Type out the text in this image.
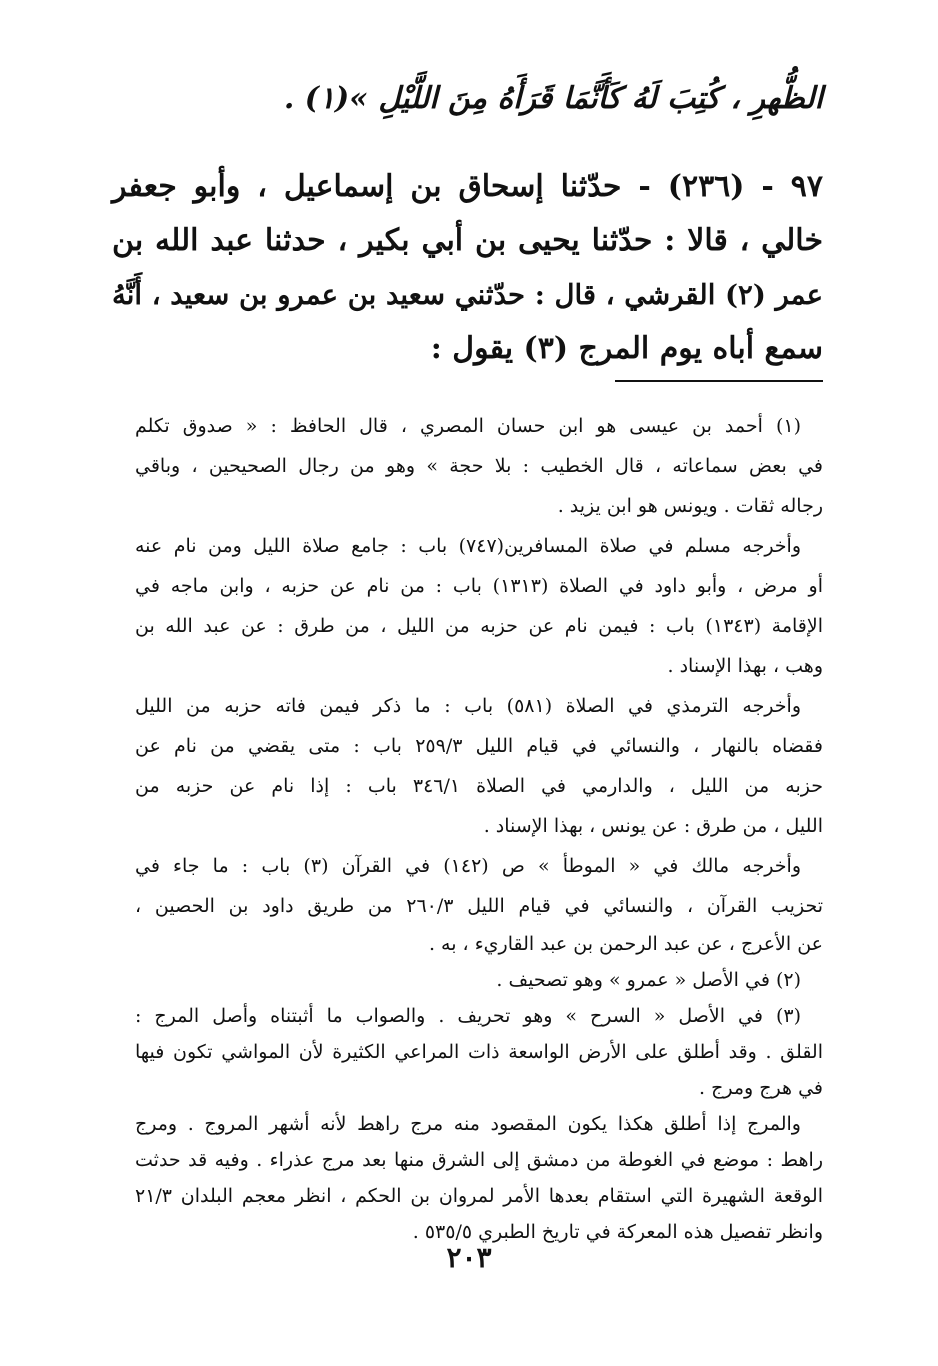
الظُّهرِ ، كُتِبَ لَهُ كَأَنَّمَا قَرَأَهُ مِنَ اللَّيْلِ »(١) .
٩٧ - (٢٣٦) - حدّثنا إسحاق بن إسماعيل ، وأبو جعفر
خالي ، قالا : حدّثنا يحيى بن أبي بكير ، حدثنا عبد الله بن
عمر (٢) القرشي ، قال : حدّثني سعيد بن عمرو بن سعيد ، أَنَّهُ
سمع أباه يوم المرج (٣) يقول :
(١) أحمد بن عيسى هو ابن حسان المصري ، قال الحافظ : « صدوق تكلم
في بعض سماعاته ، قال الخطيب : بلا حجة » وهو من رجال الصحيحين ، وباقي
رجاله ثقات . ويونس هو ابن يزيد .
وأخرجه مسلم في صلاة المسافرين(٧٤٧) باب : جامع صلاة الليل ومن نام عنه
أو مرض ، وأبو داود في الصلاة (١٣١٣) باب : من نام عن حزبه ، وابن ماجه في
الإقامة (١٣٤٣) باب : فيمن نام عن حزبه من الليل ، من طرق : عن عبد الله بن
وهب ، بهذا الإسناد .
وأخرجه الترمذي في الصلاة (٥٨١) باب : ما ذكر فيمن فاته حزبه من الليل
فقضاه بالنهار ، والنسائي في قيام الليل ٢٥٩/٣ باب : متى يقضي من نام عن
حزبه من الليل ، والدارمي في الصلاة ٣٤٦/١ باب : إذا نام عن حزبه من
الليل ، من طرق : عن يونس ، بهذا الإسناد .
وأخرجه مالك في « الموطأ » ص (١٤٢) في القرآن (٣) باب : ما جاء في
تحزيب القرآن ، والنسائي في قيام الليل ٢٦٠/٣ من طريق داود بن الحصين ،
عن الأعرج ، عن عبد الرحمن بن عبد القاريء ، به .
(٢) في الأصل « عمرو » وهو تصحيف .
(٣) في الأصل « السرح » وهو تحريف . والصواب ما أثبتناه وأصل المرج :
القلق . وقد أطلق على الأرض الواسعة ذات المراعي الكثيرة لأن المواشي تكون فيها
في هرج ومرج .
والمرج إذا أطلق هكذا يكون المقصود منه مرج راهط لأنه أشهر المروج . ومرج
راهط : موضع في الغوطة من دمشق إلى الشرق منها بعد مرج عذراء . وفيه قد حدثت
الوقعة الشهيرة التي استقام بعدها الأمر لمروان بن الحكم ، انظر معجم البلدان ٢١/٣
وانظر تفصيل هذه المعركة في تاريخ الطبري ٥٣٥/٥ .
٢٠٣
